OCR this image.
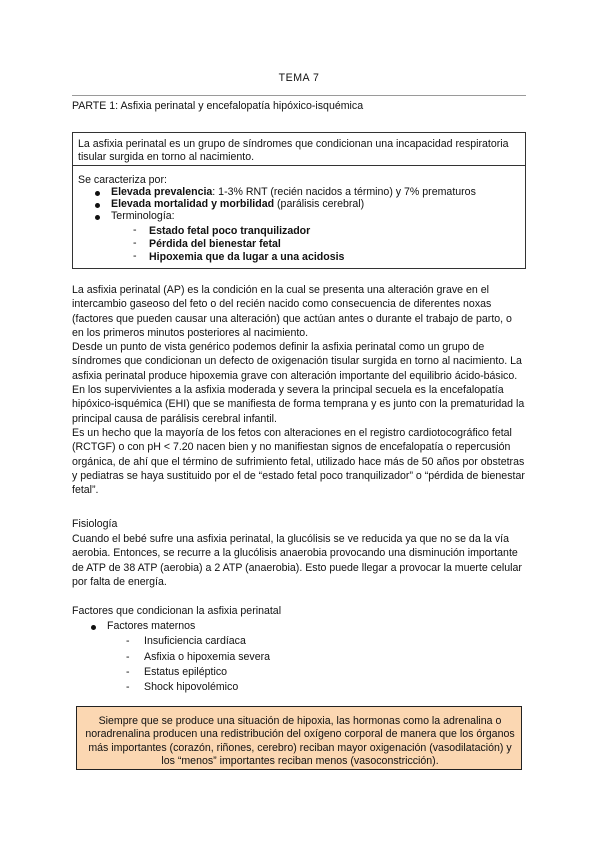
TEMA 7
PARTE 1: Asfixia perinatal y encefalopatía hipóxico-isquémica
La asfixia perinatal es un grupo de síndromes que condicionan una incapacidad respiratoria tisular surgida en torno al nacimiento.
Se caracteriza por:
Elevada prevalencia: 1-3% RNT (recién nacidos a término) y 7% prematuros
Elevada mortalidad y morbilidad (parálisis cerebral)
Terminología:
- Estado fetal poco tranquilizador
- Pérdida del bienestar fetal
- Hipoxemia que da lugar a una acidosis

La asfixia perinatal (AP) es la condición en la cual se presenta una alteración grave en el intercambio gaseoso del feto o del recién nacido como consecuencia de diferentes noxas (factores que pueden causar una alteración) que actúan antes o durante el trabajo de parto, o en los primeros minutos posteriores al nacimiento.

Desde un punto de vista genérico podemos definir la asfixia perinatal como un grupo de síndromes que condicionan un defecto de oxigenación tisular surgida en torno al nacimiento. La asfixia perinatal produce hipoxemia grave con alteración importante del equilibrio ácido-básico. En los supervivientes a la asfixia moderada y severa la principal secuela es la encefalopatía hipóxico-isquémica (EHI) que se manifiesta de forma temprana y es junto con la prematuridad la principal causa de parálisis cerebral infantil.

Es un hecho que la mayoría de los fetos con alteraciones en el registro cardiotocográfico fetal (RCTGF) o con pH < 7.20 nacen bien y no manifiestan signos de encefalopatía o repercusión orgánica, de ahí que el término de sufrimiento fetal, utilizado hace más de 50 años por obstetras y pediatras se haya sustituido por el de “estado fetal poco tranquilizador” o “pérdida de bienestar fetal”.

Fisiología
Cuando el bebé sufre una asfixia perinatal, la glucólisis se ve reducida ya que no se da la vía aerobia. Entonces, se recurre a la glucólisis anaerobia provocando una disminución importante de ATP de 38 ATP (aerobia) a 2 ATP (anaerobia). Esto puede llegar a provocar la muerte celular por falta de energía.
Factores que condicionan la asfixia perinatal
Factores maternos
- Insuficiencia cardíaca
- Asfixia o hipoxemia severa
- Estatus epiléptico
- Shock hipovolémico
Siempre que se produce una situación de hipoxia, las hormonas como la adrenalina o noradrenalina producen una redistribución del oxígeno corporal de manera que los órganos más importantes (corazón, riñones, cerebro) reciban mayor oxigenación (vasodilatación) y los “menos” importantes reciban menos (vasoconstricción).
